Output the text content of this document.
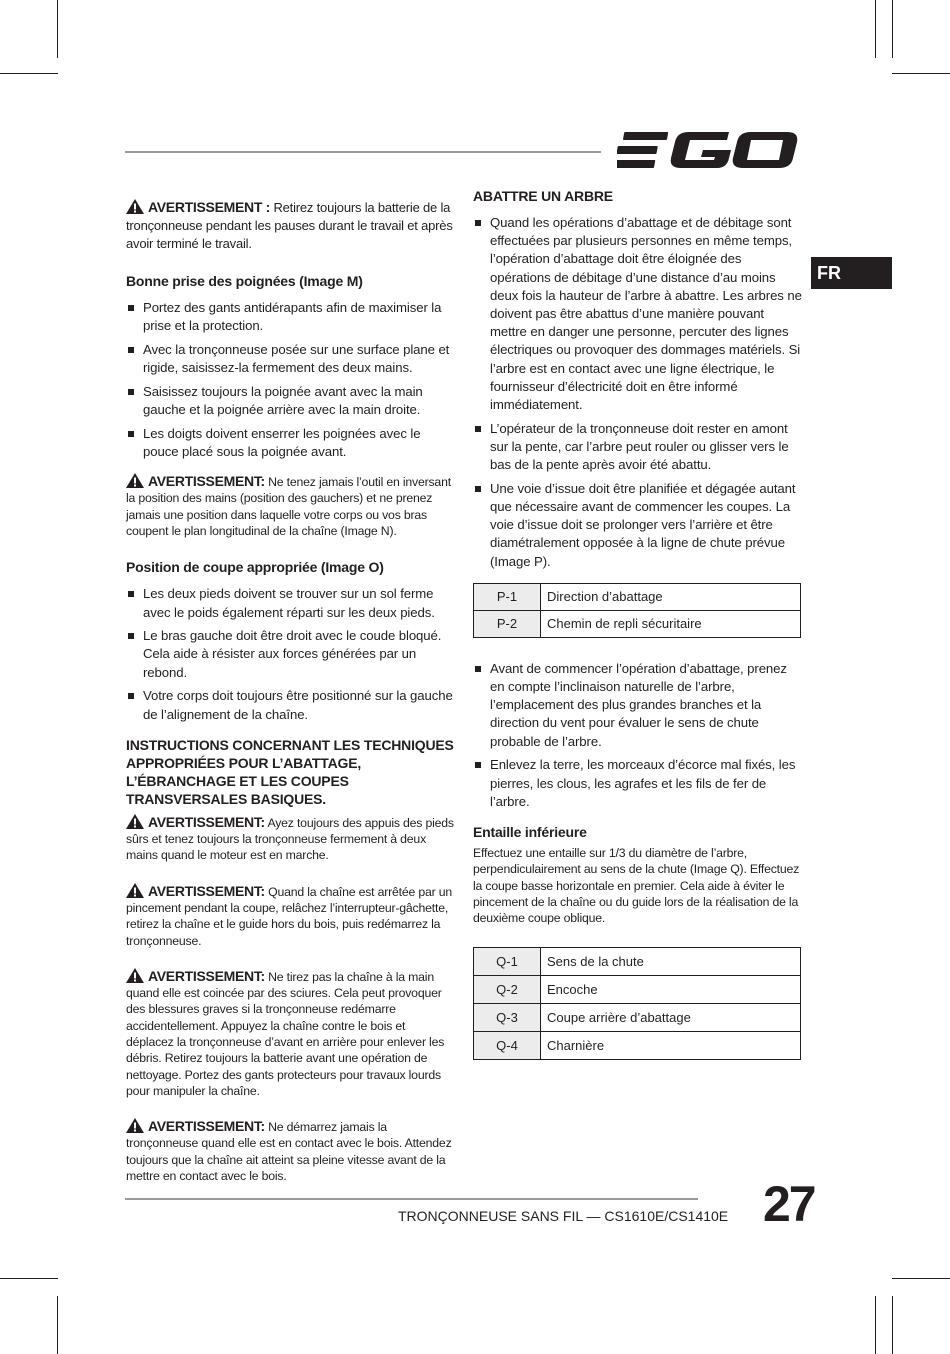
FR

AVERTISSEMENT : Retirez toujours la batterie de la tronçonneuse pendant les pauses durant le travail et après avoir terminé le travail.

Bonne prise des poignées (Image M)
Portez des gants antidérapants afin de maximiser la prise et la protection.
Avec la tronçonneuse posée sur une surface plane et rigide, saisissez-la fermement des deux mains.
Saisissez toujours la poignée avant avec la main gauche et la poignée arrière avec la main droite.
Les doigts doivent enserrer les poignées avec le pouce placé sous la poignée avant.

AVERTISSEMENT: Ne tenez jamais l’outil en inversant la position des mains (position des gauchers) et ne prenez jamais une position dans laquelle votre corps ou vos bras coupent le plan longitudinal de la chaîne (Image N).

Position de coupe appropriée (Image O)
Les deux pieds doivent se trouver sur un sol ferme avec le poids également réparti sur les deux pieds.
Le bras gauche doit être droit avec le coude bloqué. Cela aide à résister aux forces générées par un rebond.
Votre corps doit toujours être positionné sur la gauche de l’alignement de la chaîne.
INSTRUCTIONS CONCERNANT LES TECHNIQUES APPROPRIÉES POUR L’ABATTAGE, L’ÉBRANCHAGE ET LES COUPES TRANSVERSALES BASIQUES.

AVERTISSEMENT: Ayez toujours des appuis des pieds sûrs et tenez toujours la tronçonneuse fermement à deux mains quand le moteur est en marche.

AVERTISSEMENT: Quand la chaîne est arrêtée par un pincement pendant la coupe, relâchez l’interrupteur-gâchette, retirez la chaîne et le guide hors du bois, puis redémarrez la tronçonneuse.

AVERTISSEMENT: Ne tirez pas la chaîne à la main quand elle est coincée par des sciures. Cela peut provoquer des blessures graves si la tronçonneuse redémarre accidentellement. Appuyez la chaîne contre le bois et déplacez la tronçonneuse d’avant en arrière pour enlever les débris. Retirez toujours la batterie avant une opération de nettoyage. Portez des gants protecteurs pour travaux lourds pour manipuler la chaîne.

AVERTISSEMENT: Ne démarrez jamais la tronçonneuse quand elle est en contact avec le bois. Attendez toujours que la chaîne ait atteint sa pleine vitesse avant de la mettre en contact avec le bois.

ABATTRE UN ARBRE
Quand les opérations d’abattage et de débitage sont effectuées par plusieurs personnes en même temps, l’opération d’abattage doit être éloignée des opérations de débitage d’une distance d’au moins deux fois la hauteur de l’arbre à abattre. Les arbres ne doivent pas être abattus d’une manière pouvant mettre en danger une personne, percuter des lignes électriques ou provoquer des dommages matériels. Si l’arbre est en contact avec une ligne électrique, le fournisseur d’électricité doit en être informé immédiatement.
L’opérateur de la tronçonneuse doit rester en amont sur la pente, car l’arbre peut rouler ou glisser vers le bas de la pente après avoir été abattu.
Une voie d’issue doit être planifiée et dégagée autant que nécessaire avant de commencer les coupes. La voie d’issue doit se prolonger vers l’arrière et être diamétralement opposée à la ligne de chute prévue (Image P).
P-1	Direction d’abattage
P-2	Chemin de repli sécuritaire
Avant de commencer l’opération d’abattage, prenez en compte l’inclinaison naturelle de l’arbre, l’emplacement des plus grandes branches et la direction du vent pour évaluer le sens de chute probable de l’arbre.
Enlevez la terre, les morceaux d’écorce mal fixés, les pierres, les clous, les agrafes et les fils de fer de l’arbre.
Entaille inférieure

Effectuez une entaille sur 1/3 du diamètre de l’arbre, perpendiculairement au sens de la chute (Image Q). Effectuez la coupe basse horizontale en premier. Cela aide à éviter le pincement de la chaîne ou du guide lors de la réalisation de la deuxième coupe oblique.

Q-1	Sens de la chute
Q-2	Encoche
Q-3	Coupe arrière d’abattage
Q-4	Charnière
TRONÇONNEUSE SANS FIL — CS1610E/CS1410E 27
